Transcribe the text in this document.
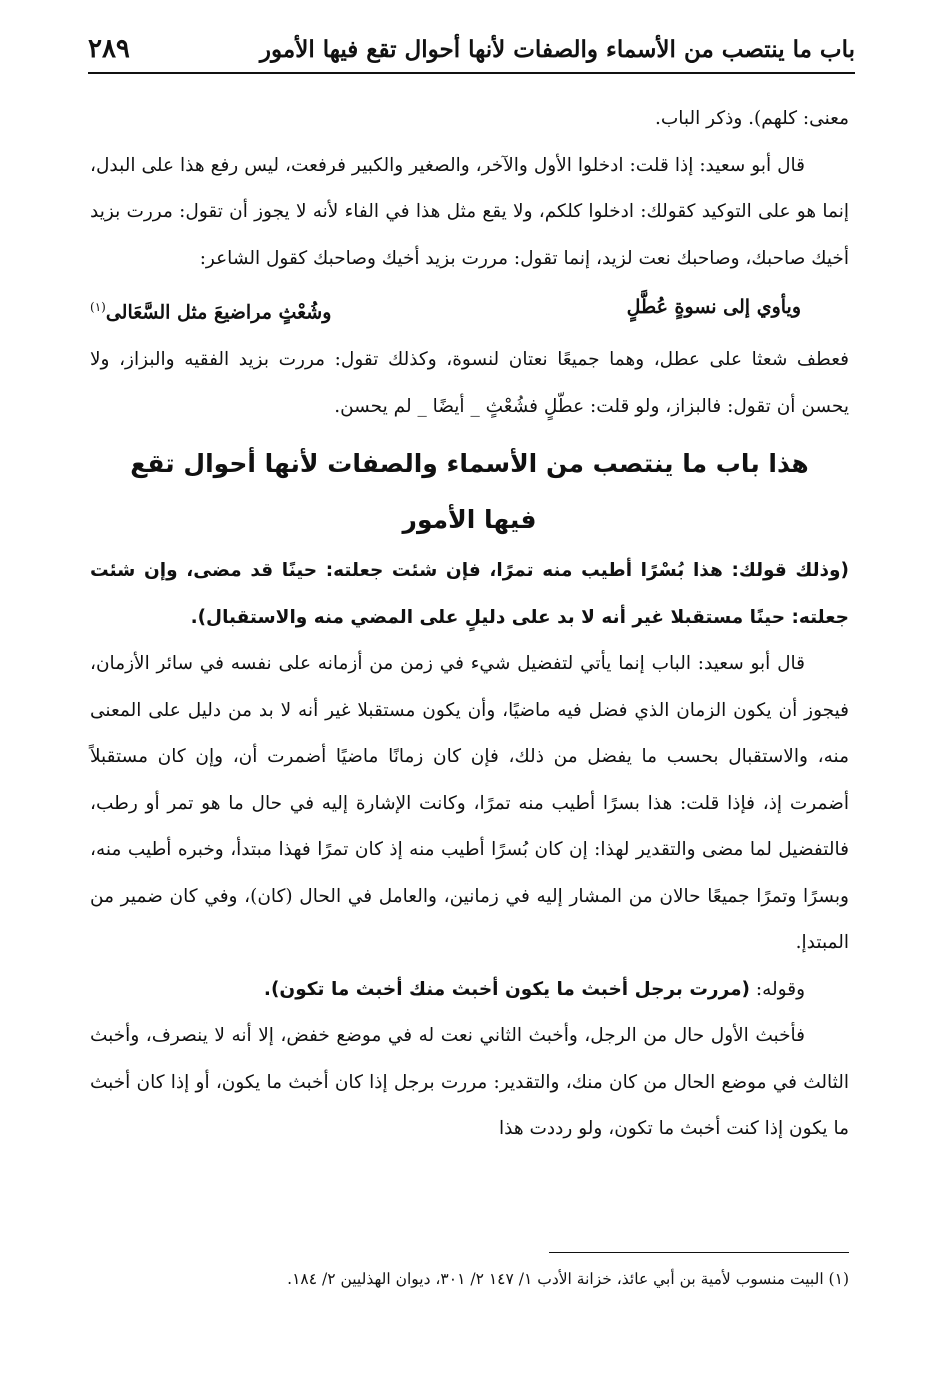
٢٨٩	باب ما ينتصب من الأسماء والصفات لأنها أحوال تقع فيها الأمور

معنى: كلهم). وذكر الباب.

قال أبو سعيد: إذا قلت: ادخلوا الأول والآخر، والصغير والكبير فرفعت، ليس رفع هذا على البدل، إنما هو على التوكيد كقولك: ادخلوا كلكم، ولا يقع مثل هذا في الفاء لأنه لا يجوز أن تقول: مررت بزيد أخيك صاحبك، وصاحبك نعت لزيد، إنما تقول: مررت بزيد أخيك وصاحبك كقول الشاعر:

ويأوي إلى نسوةٍ عُطَّلٍ
وشُعْثٍ مراضيعَ مثل السَّعَالى$^{(١)}$

فعطف شعثا على عطل، وهما جميعًا نعتان لنسوة، وكذلك تقول: مررت بزيد الفقيه والبزاز، ولا يحسن أن تقول: فالبزاز، ولو قلت: عطّلٍ فشُعْثٍ _ أيضًا _ لم يحسن.

هذا باب ما ينتصب من الأسماء والصفات لأنها أحوال تقع
فيها الأمور

(وذلك قولك: هذا بُسْرًا أطيب منه تمرًا، فإن شئت جعلته: حينًا قد مضى، وإن شئت جعلته: حينًا مستقبلا غير أنه لا بد على دليلٍ على المضي منه والاستقبال).

قال أبو سعيد: الباب إنما يأتي لتفضيل شيء في زمن من أزمانه على نفسه في سائر الأزمان، فيجوز أن يكون الزمان الذي فضل فيه ماضيًا، وأن يكون مستقبلا غير أنه لا بد من دليل على المعنى منه، والاستقبال بحسب ما يفضل من ذلك، فإن كان زمانًا ماضيًا أضمرت أن، وإن كان مستقبلاً أضمرت إذ، فإذا قلت: هذا بسرًا أطيب منه تمرًا، وكانت الإشارة إليه في حال ما هو تمر أو رطب، فالتفضيل لما مضى والتقدير لهذا: إن كان بُسرًا أطيب منه إذ كان تمرًا فهذا مبتدأ، وخبره أطيب منه، وبسرًا وتمرًا جميعًا حالان من المشار إليه في زمانين، والعامل في الحال (كان)، وفي كان ضمير من المبتدإ.

وقوله: (مررت برجل أخبث ما يكون أخبث منك أخبث ما تكون).

فأخبث الأول حال من الرجل، وأخبث الثاني نعت له في موضع خفض، إلا أنه لا ينصرف، وأخبث الثالث في موضع الحال من كان منك، والتقدير: مررت برجل إذا كان أخبث ما يكون، أو إذا كان أخبث ما يكون إذا كنت أخبث ما تكون، ولو رددت هذا

(١) البيت منسوب لأمية بن أبي عائذ، خزانة الأدب ١/ ١٤٧ ٢/ ٣٠١، ديوان الهذليين ٢/ ١٨٤.
